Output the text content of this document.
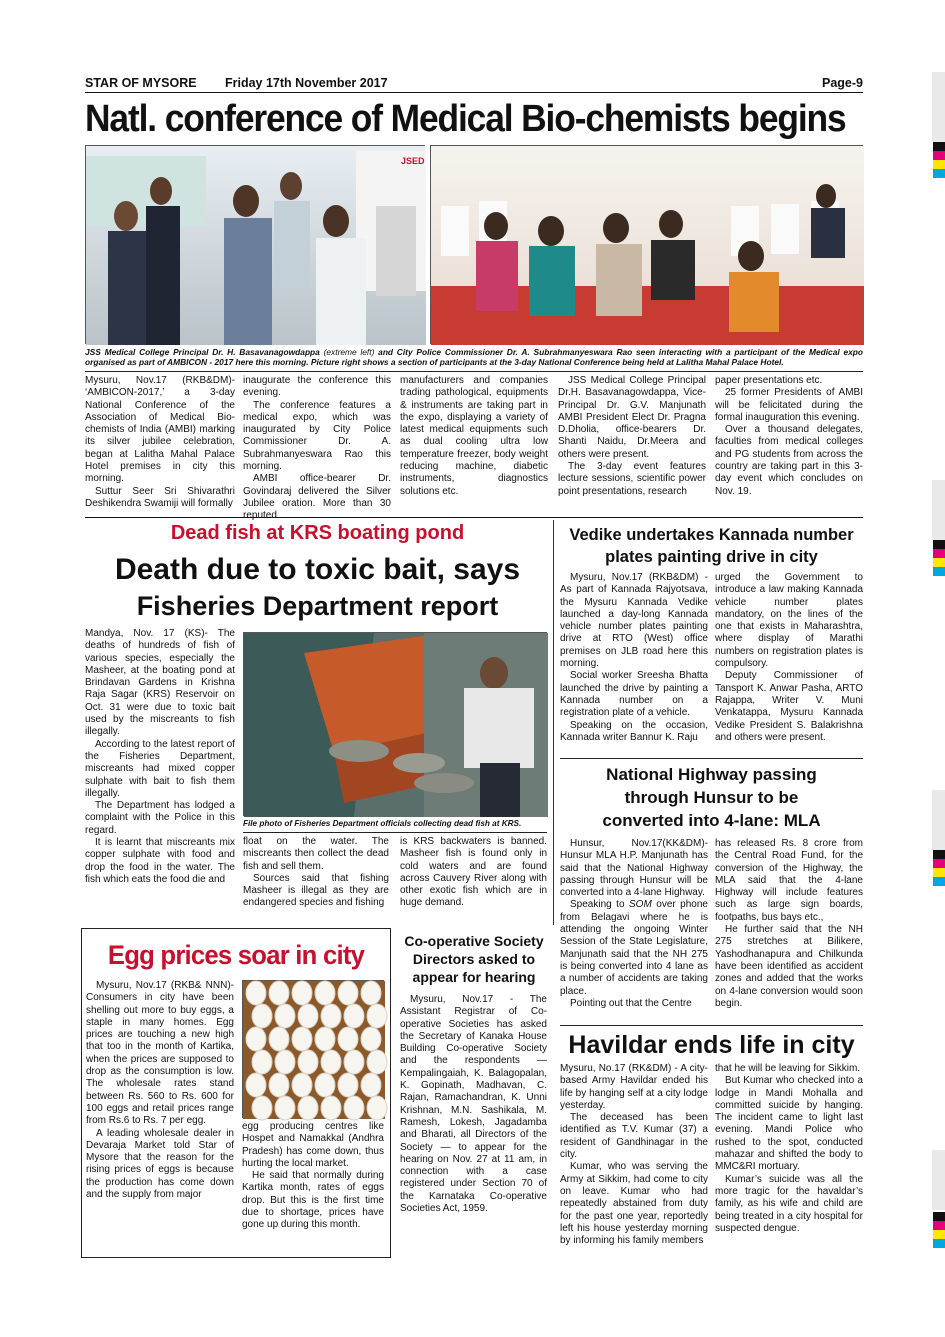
STAR OF MYSORE Friday 17th November 2017	Page-9
Natl. conference of Medical Bio-chemists begins
JSED
JSS Medical College Principal Dr. H. Basavanagowdappa (extreme left) and City Police Commissioner Dr. A. Subrahmanyeswara Rao seen interacting with a participant of the Medical expo organised as part of AMBICON - 2017 here this morning. Picture right shows a section of participants at the 3-day National Conference being held at Lalitha Mahal Palace Hotel.

Mysuru, Nov.17 (RKB&DM)- ‘AMBICON-2017,’ a 3-day National Conference of the Association of Medical Bio-chemists of India (AMBI) marking its silver jubilee celebration, began at Lalitha Mahal Palace Hotel premises in city this morning.

Suttur Seer Sri Shivarathri Deshikendra Swamiji will formally

inaugurate the conference this evening.

The conference features a medical expo, which was inaugurated by City Police Commissioner Dr. A. Subrahmanyeswara Rao this morning.

AMBI office-bearer Dr. Govindaraj delivered the Silver Jubilee oration. More than 30 reputed

manufacturers and companies trading pathological, equipments & instruments are taking part in the expo, displaying a variety of latest medical equipments such as dual cooling ultra low temperature freezer, body weight reducing machine, diabetic instruments, diagnostics solutions etc.

JSS Medical College Principal Dr.H. Basavanagowdappa, Vice-Principal Dr. G.V. Manjunath AMBI President Elect Dr. Pragna D.Dholia, office-bearers Dr. Shanti Naidu, Dr.Meera and others were present.

The 3-day event features lecture sessions, scientific power point presentations, research

paper presentations etc.

25 former Presidents of AMBI will be felicitated during the formal inauguration this evening.

Over a thousand delegates, faculties from medical colleges and PG students from across the country are taking part in this 3-day event which concludes on Nov. 19.

Dead fish at KRS boating pond
Death due to toxic bait, says
Fisheries Department report

Mandya, Nov. 17 (KS)- The deaths of hundreds of fish of various species, especially the Masheer, at the boating pond at Brindavan Gardens in Krishna Raja Sagar (KRS) Reservoir on Oct. 31 were due to toxic bait used by the miscreants to fish illegally.

According to the latest report of the Fisheries Department, miscreants had mixed copper sulphate with bait to fish them illegally.

The Department has lodged a complaint with the Police in this regard.

It is learnt that miscreants mix copper sulphate with food and drop the food in the water. The fish which eats the food die and

File photo of Fisheries Department officials collecting dead fish at KRS.

float on the water. The miscreants then collect the dead fish and sell them.

Sources said that fishing Masheer is illegal as they are endangered species and fishing

is KRS backwaters is banned. Masheer fish is found only in cold waters and are found across Cauvery River along with other exotic fish which are in huge demand.

Vedike undertakes Kannada number
plates painting drive in city

Mysuru, Nov.17 (RKB&DM) - As part of Kannada Rajyotsava, the Mysuru Kannada Vedike launched a day-long Kannada vehicle number plates painting drive at RTO (West) office premises on JLB road here this morning.

Social worker Sreesha Bhatta launched the drive by painting a Kannada number on a registration plate of a vehicle.

Speaking on the occasion, Kannada writer Bannur K. Raju

urged the Government to introduce a law making Kannada vehicle number plates mandatory, on the lines of the one that exists in Maharashtra, where display of Marathi numbers on registration plates is compulsory.

Deputy Commissioner of Tansport K. Anwar Pasha, ARTO Rajappa, Writer V. Muni Venkatappa, Mysuru Kannada Vedike President S. Balakrishna and others were present.

National Highway passing
through Hunsur to be
converted into 4-lane: MLA

Hunsur, Nov.17(KK&DM)- Hunsur MLA H.P. Manjunath has said that the National Highway passing through Hunsur will be converted into a 4-lane Highway.

Speaking to SOM over phone from Belagavi where he is attending the ongoing Winter Session of the State Legislature, Manjunath said that the NH 275 is being converted into 4 lane as a number of accidents are taking place.

Pointing out that the Centre

has released Rs. 8 crore from the Central Road Fund, for the conversion of the Highway, the MLA said that the 4-lane Highway will include features such as large sign boards, footpaths, bus bays etc.,

He further said that the NH 275 stretches at Bilikere, Yashodhanapura and Chilkunda have been identified as accident zones and added that the works on 4-lane conversion would soon begin.

Egg prices soar in city

Mysuru, Nov.17 (RKB& NNN)- Consumers in city have been shelling out more to buy eggs, a staple in many homes. Egg prices are touching a new high that too in the month of Kartika, when the prices are supposed to drop as the consumption is low. The wholesale rates stand between Rs. 560 to Rs. 600 for 100 eggs and retail prices range from Rs.6 to Rs. 7 per egg.

A leading wholesale dealer in Devaraja Market told Star of Mysore that the reason for the rising prices of eggs is because the production has come down and the supply from major

egg producing centres like Hospet and Namakkal (Andhra Pradesh) has come down, thus hurting the local market.

He said that normally during Kartika month, rates of eggs drop. But this is the first time due to shortage, prices have gone up during this month.

Co-operative Society
Directors asked to
appear for hearing

Mysuru, Nov.17 - The Assistant Registrar of Co-operative Societies has asked the Secretary of Kanaka House Building Co-operative Society and the respondents — Kempalingaiah, K. Balagopalan, K. Gopinath, Madhavan, C. Rajan, Ramachandran, K. Unni Krishnan, M.N. Sashikala, M. Ramesh, Lokesh, Jagadamba and Bharati, all Directors of the Society — to appear for the hearing on Nov. 27 at 11 am, in connection with a case registered under Section 70 of the Karnataka Co-operative Societies Act, 1959.

Havildar ends life in city

Mysuru, No.17 (RK&DM) - A city-based Army Havildar ended his life by hanging self at a city lodge yesterday.

The deceased has been identified as T.V. Kumar (37) a resident of Gandhinagar in the city.

Kumar, who was serving the Army at Sikkim, had come to city on leave. Kumar who had repeatedly abstained from duty for the past one year, reportedly left his house yesterday morning by informing his family members

that he will be leaving for Sikkim.

But Kumar who checked into a lodge in Mandi Mohalla and committed suicide by hanging. The incident came to light last evening. Mandi Police who rushed to the spot, conducted mahazar and shifted the body to MMC&RI mortuary.

Kumar’s suicide was all the more tragic for the havaldar’s family, as his wife and child are being treated in a city hospital for suspected dengue.
